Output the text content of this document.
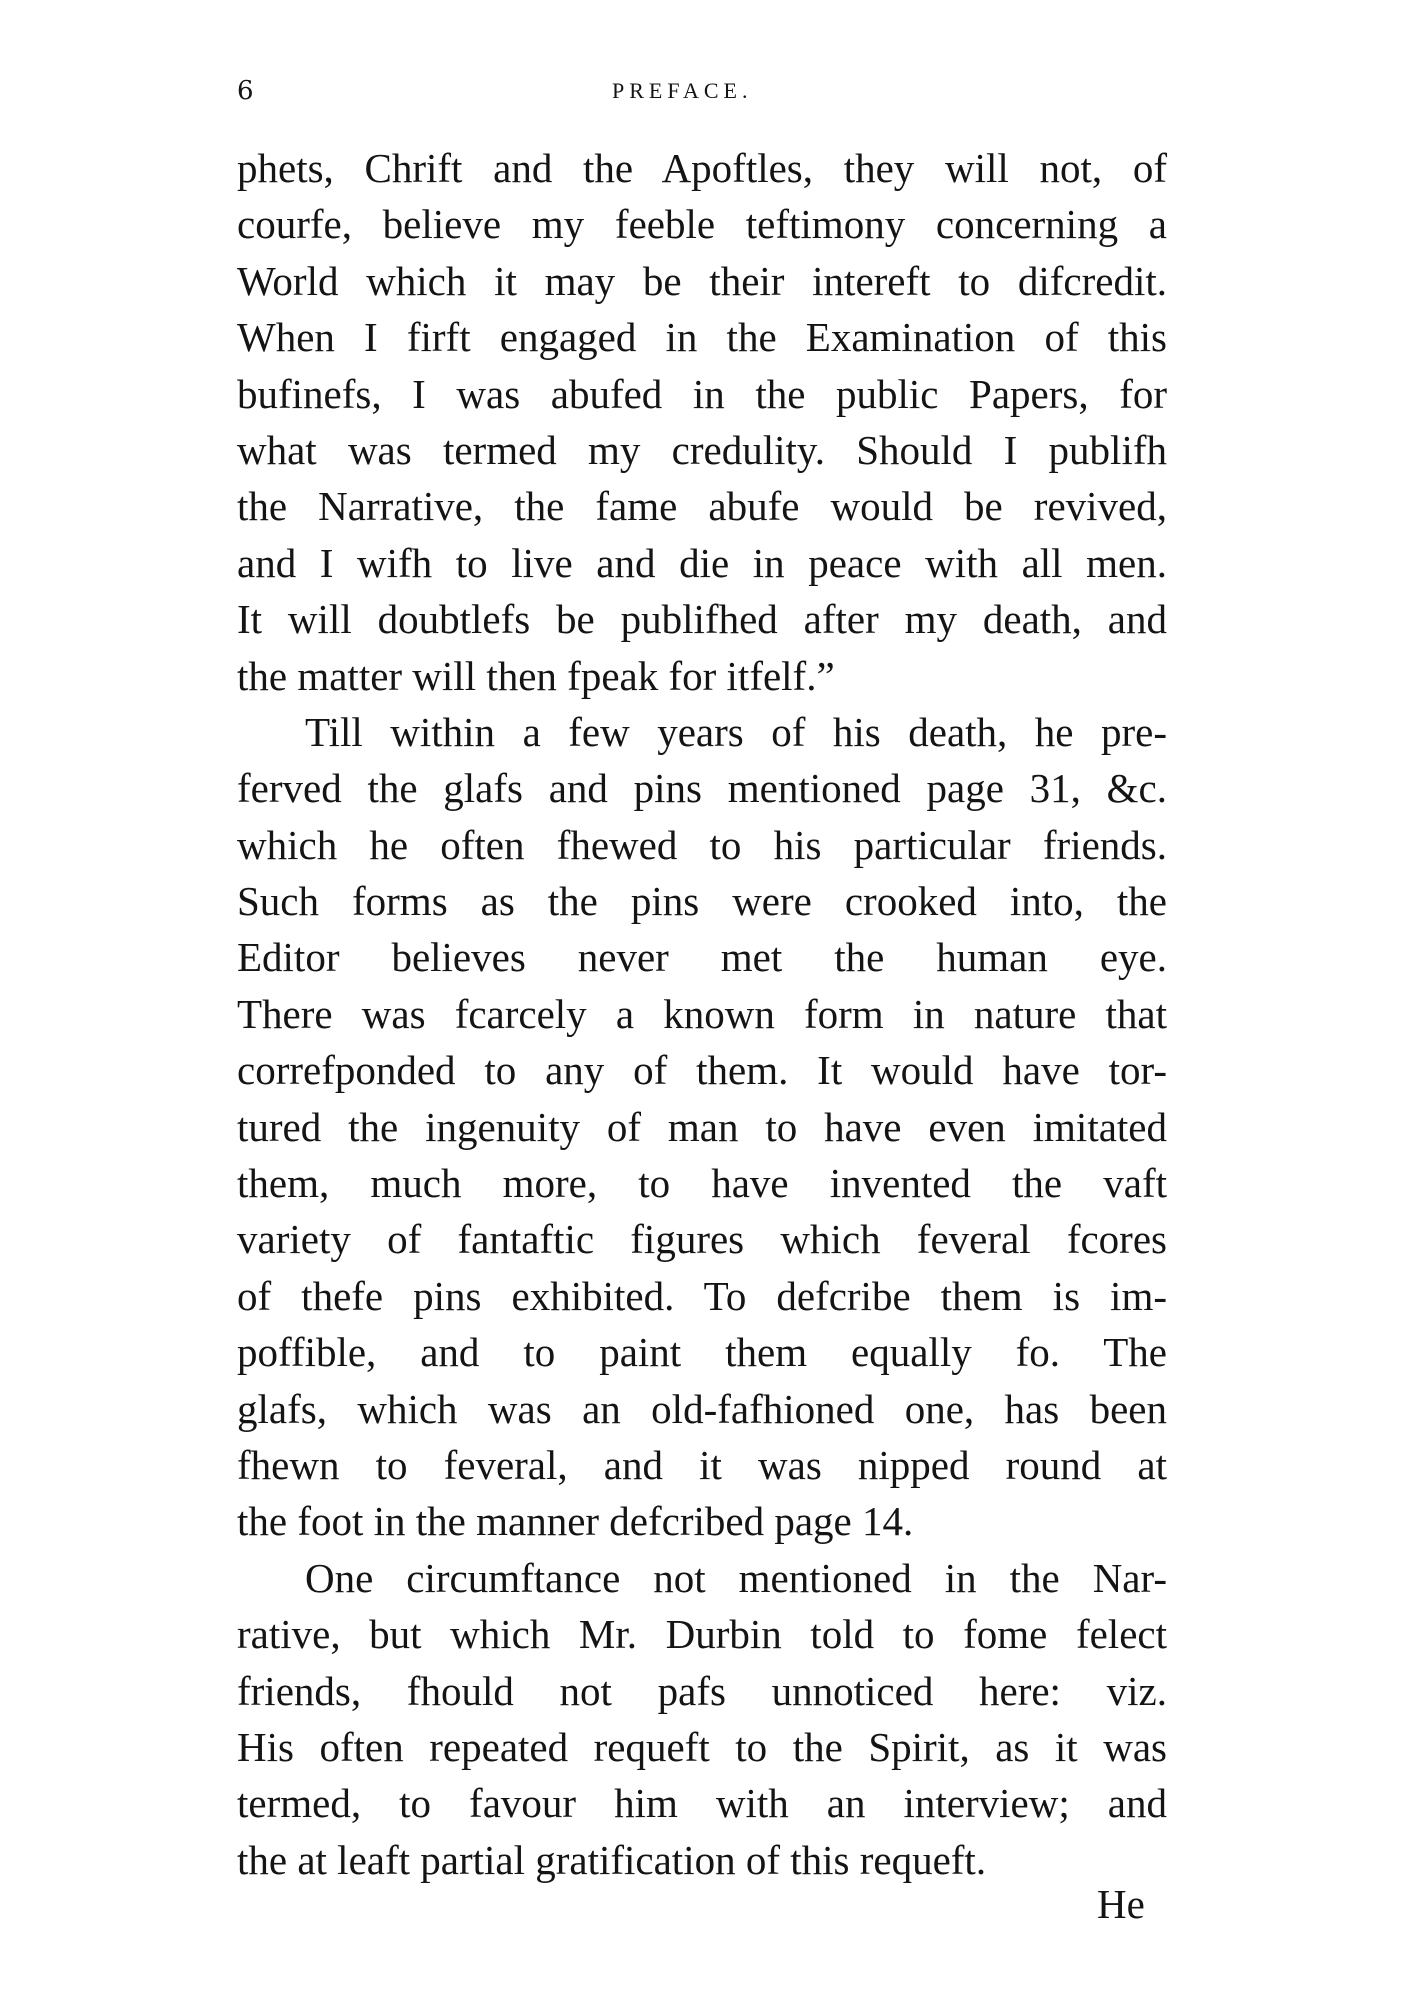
6	PREFACE.
phets, Chrift and the Apoftles, they will not, of
courfe, believe my feeble teftimony concerning a
World which it may be their intereft to difcredit.
When I firft engaged in the Examination of this
bufinefs, I was abufed in the public Papers, for
what was termed my credulity. Should I publifh
the Narrative, the fame abufe would be revived,
and I wifh to live and die in peace with all men.
It will doubtlefs be publifhed after my death, and
the matter will then fpeak for itfelf.”
Till within a few years of his death, he pre-
ferved the glafs and pins mentioned page 31, &c.
which he often fhewed to his particular friends.
Such forms as the pins were crooked into, the
Editor believes never met the human eye.
There was fcarcely a known form in nature that
correfponded to any of them. It would have tor-
tured the ingenuity of man to have even imitated
them, much more, to have invented the vaft
variety of fantaftic figures which feveral fcores
of thefe pins exhibited. To defcribe them is im-
poffible, and to paint them equally fo. The
glafs, which was an old-fafhioned one, has been
fhewn to feveral, and it was nipped round at
the foot in the manner defcribed page 14.
One circumftance not mentioned in the Nar-
rative, but which Mr. Durbin told to fome felect
friends, fhould not pafs unnoticed here: viz.
His often repeated requeft to the Spirit, as it was
termed, to favour him with an interview; and
the at leaft partial gratification of this requeft.
He
